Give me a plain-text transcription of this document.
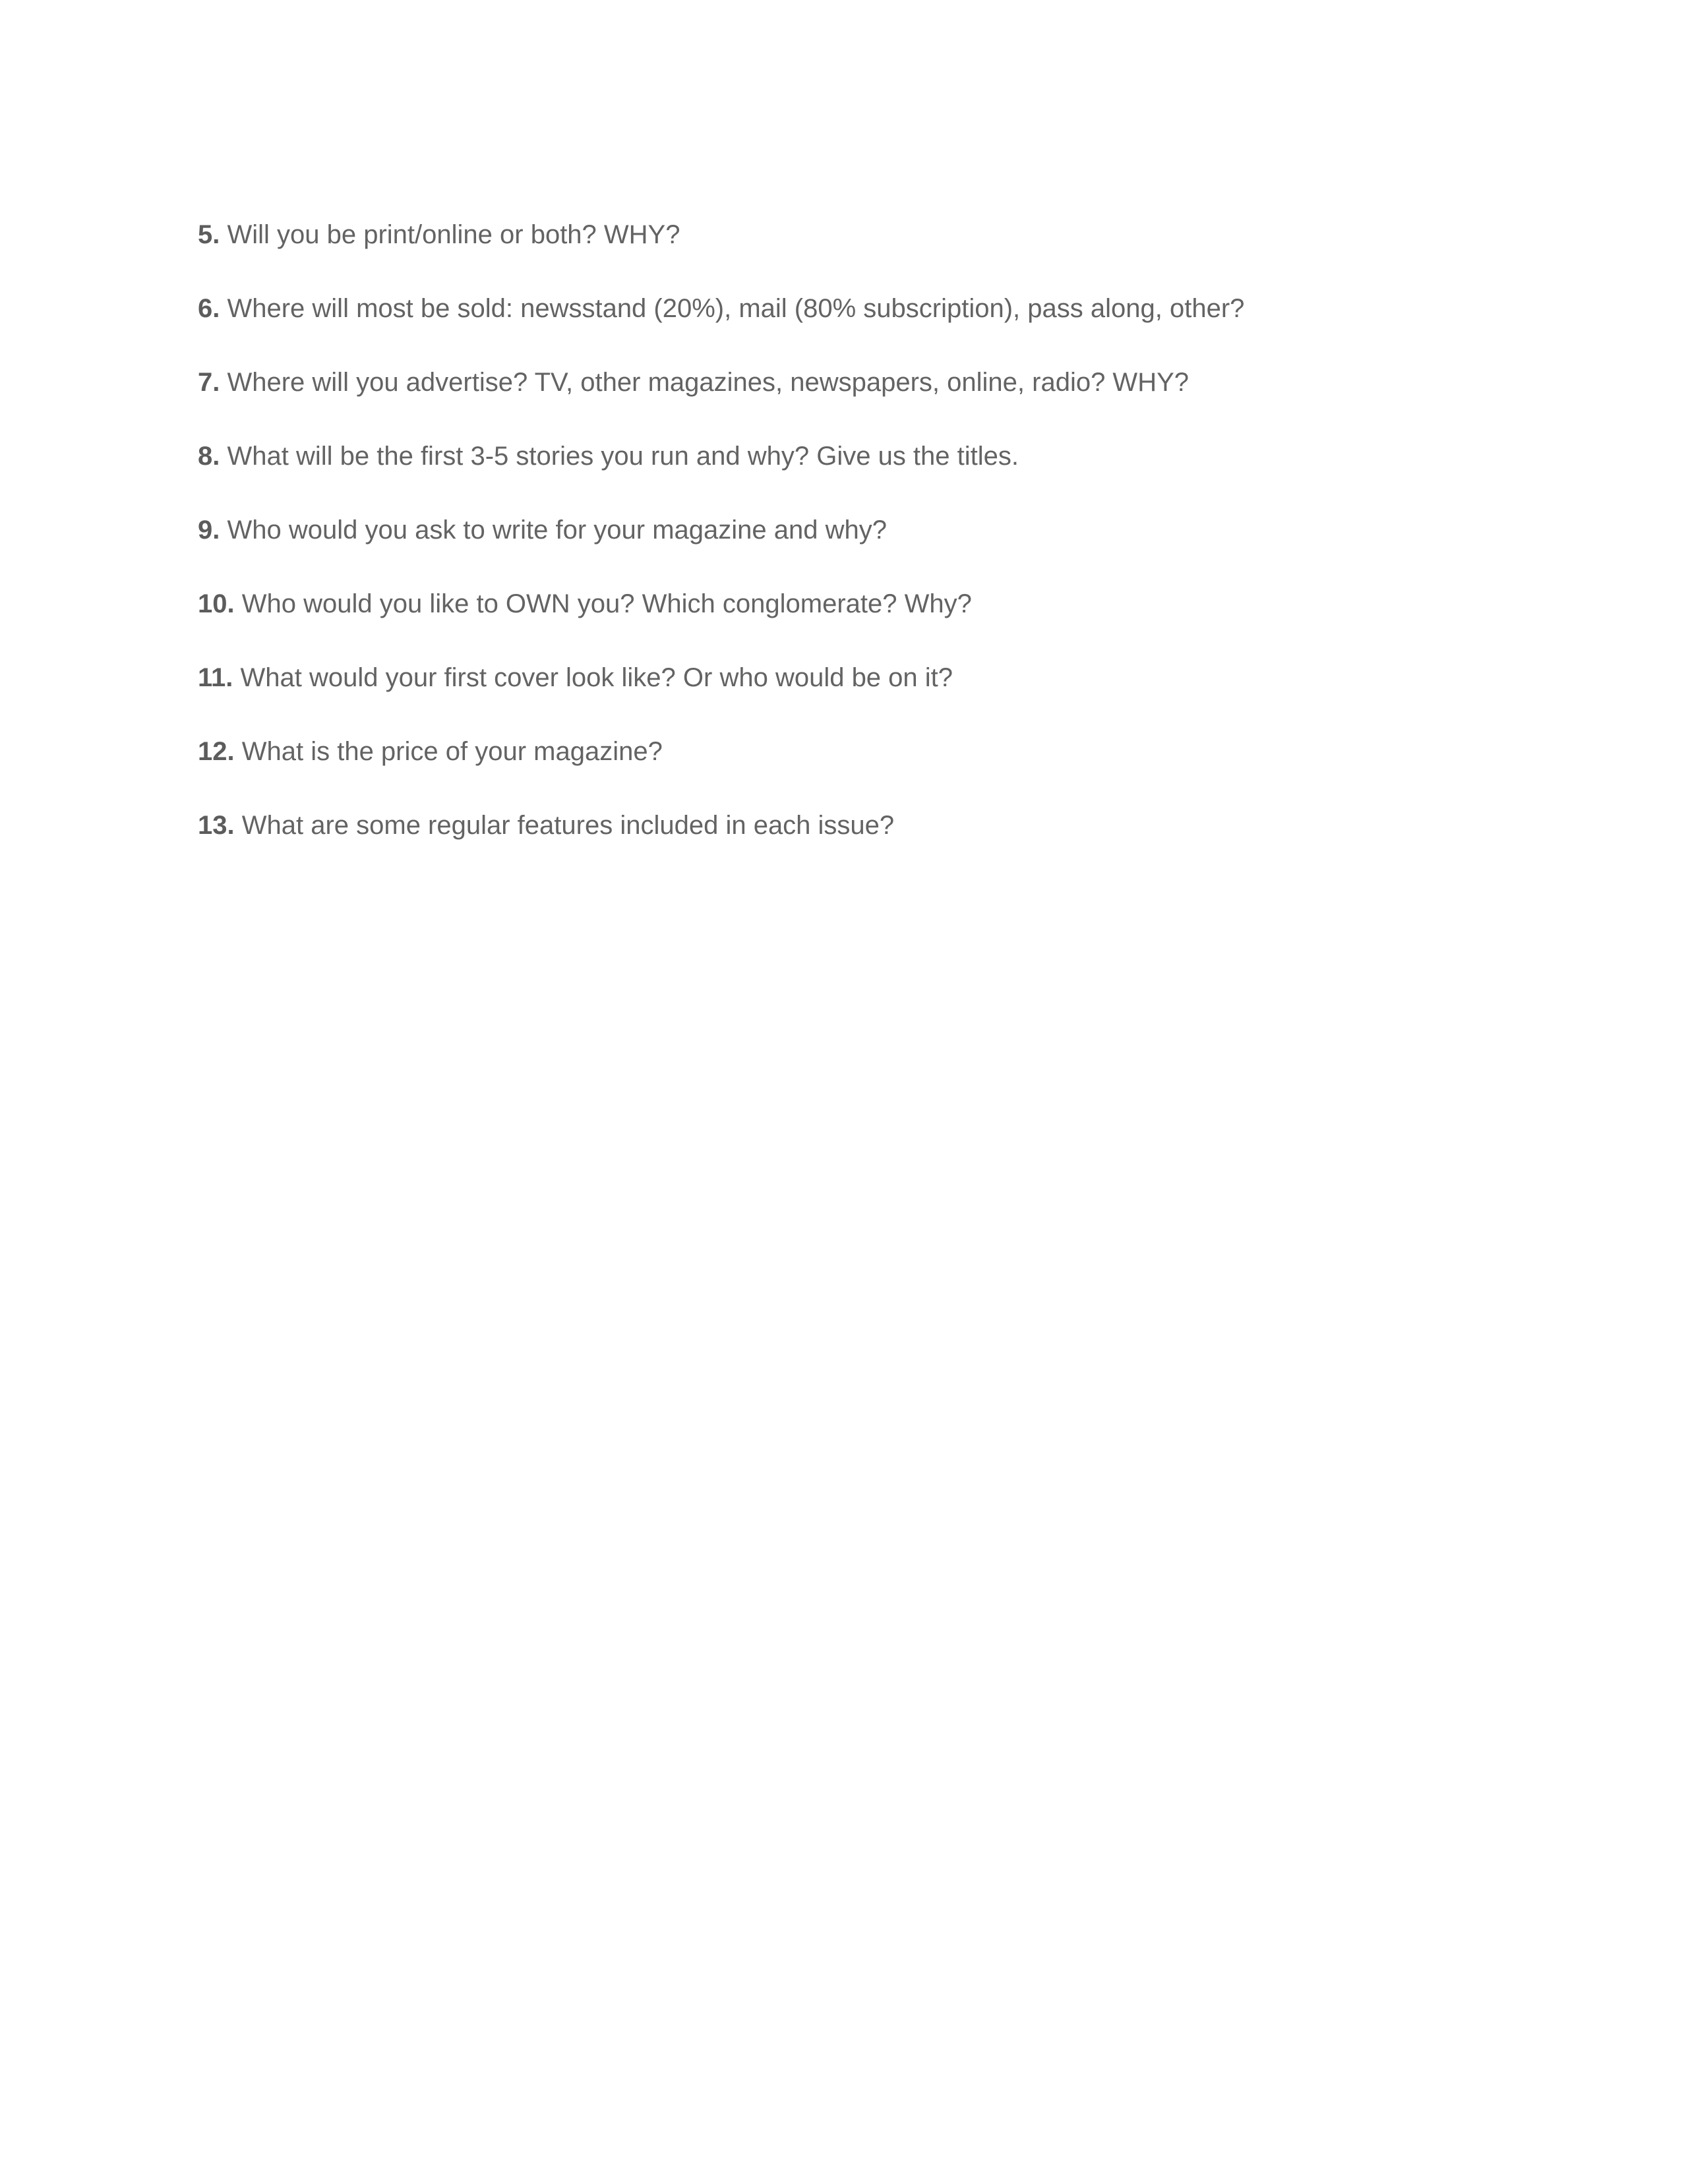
5. Will you be print/online or both? WHY?
6. Where will most be sold: newsstand (20%), mail (80% subscription), pass along, other?
7. Where will you advertise? TV, other magazines, newspapers, online, radio? WHY?
8. What will be the first 3-5 stories you run and why? Give us the titles.
9. Who would you ask to write for your magazine and why?
10. Who would you like to OWN you? Which conglomerate? Why?
11. What would your first cover look like? Or who would be on it?
12. What is the price of your magazine?
13. What are some regular features included in each issue?
